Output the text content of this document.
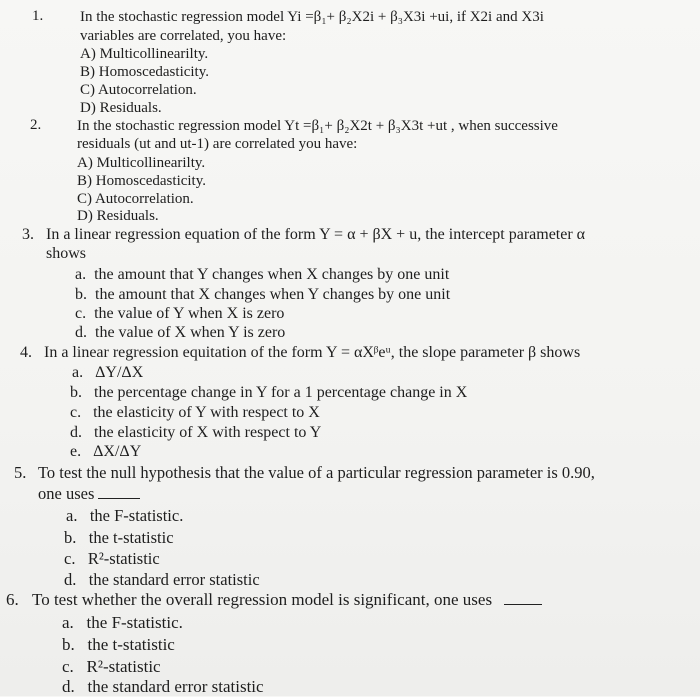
1. In the stochastic regression model Yi =β₁+ β₂X2i + β₃X3i +ui, if X2i and X3i
variables are correlated, you have:
A) Multicollinearilty.
B) Homoscedasticity.
C) Autocorrelation.
D) Residuals.
2. In the stochastic regression model Yt =β₁+ β₂X2t + β₃X3t +ut , when successive
residuals (ut and ut-1) are correlated you have:
A) Multicollinearilty.
B) Homoscedasticity.
C) Autocorrelation.
D) Residuals.
3. In a linear regression equation of the form Y = α + βX + u, the intercept parameter α
shows
a. the amount that Y changes when X changes by one unit
b. the amount that X changes when Y changes by one unit
c. the value of Y when X is zero
d. the value of X when Y is zero
4. In a linear regression equitation of the form Y = αXᵝeᵘ, the slope parameter β shows
a. ΔY/ΔX
b. the percentage change in Y for a 1 percentage change in X
c. the elasticity of Y with respect to X
d. the elasticity of X with respect to Y
e. ΔX/ΔY
5. To test the null hypothesis that the value of a particular regression parameter is 0.90,
one uses
a. the F-statistic.
b. the t-statistic
c. R²-statistic
d. the standard error statistic
6. To test whether the overall regression model is significant, one uses
a. the F-statistic.
b. the t-statistic
c. R²-statistic
d. the standard error statistic
